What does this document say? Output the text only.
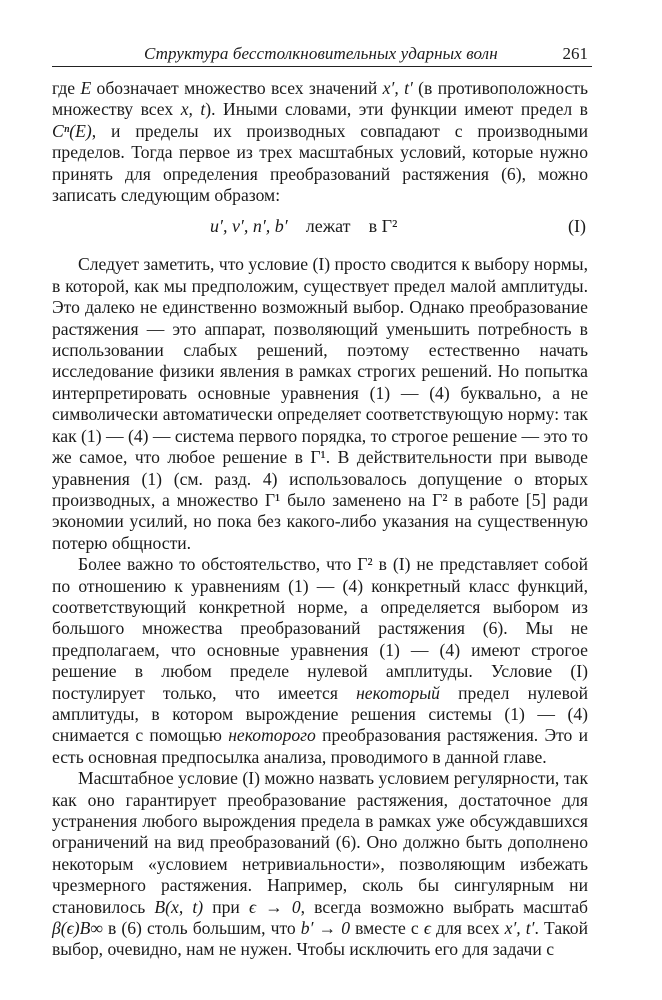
Структура бесстолкновительных ударных волн	261

где E обозначает множество всех значений x′, t′ (в противоположность множеству всех x, t). Иными словами, эти функции имеют предел в Cⁿ(E), и пределы их производных совпадают с производными пределов. Тогда первое из трех масштабных условий, которые нужно принять для определения преобразований растяжения (6), можно записать следующим образом:

u′, v′, n′, b′ лежат в Γ²	(I)

Следует заметить, что условие (I) просто сводится к выбору нормы, в которой, как мы предположим, существует предел малой амплитуды. Это далеко не единственно возможный выбор. Однако преобразование растяжения — это аппарат, позволяющий уменьшить потребность в использовании слабых решений, поэтому естественно начать исследование физики явления в рамках строгих решений. Но попытка интерпретировать основные уравнения (1) — (4) буквально, а не символически автоматически определяет соответствующую норму: так как (1) — (4) — система первого порядка, то строгое решение — это то же самое, что любое решение в Γ¹. В действительности при выводе уравнения (1) (см. разд. 4) использовалось допущение о вторых производных, а множество Γ¹ было заменено на Γ² в работе [5] ради экономии усилий, но пока без какого-либо указания на существенную потерю общности.

Более важно то обстоятельство, что Γ² в (I) не представляет собой по отношению к уравнениям (1) — (4) конкретный класс функций, соответствующий конкретной норме, а определяется выбором из большого множества преобразований растяжения (6). Мы не предполагаем, что основные уравнения (1) — (4) имеют строгое решение в любом пределе нулевой амплитуды. Условие (I) постулирует только, что имеется некоторый предел нулевой амплитуды, в котором вырождение решения системы (1) — (4) снимается с помощью некоторого преобразования растяжения. Это и есть основная предпосылка анализа, проводимого в данной главе.

Масштабное условие (I) можно назвать условием регулярности, так как оно гарантирует преобразование растяжения, достаточное для устранения любого вырождения предела в рамках уже обсуждавшихся ограничений на вид преобразований (6). Оно должно быть дополнено некоторым «условием нетривиальности», позволяющим избежать чрезмерного растяжения. Например, сколь бы сингулярным ни становилось B(x, t) при ϵ → 0, всегда возможно выбрать масштаб β(ϵ)B∞ в (6) столь большим, что b′ → 0 вместе с ϵ для всех x′, t′. Такой выбор, очевидно, нам не нужен. Чтобы исключить его для задачи с
